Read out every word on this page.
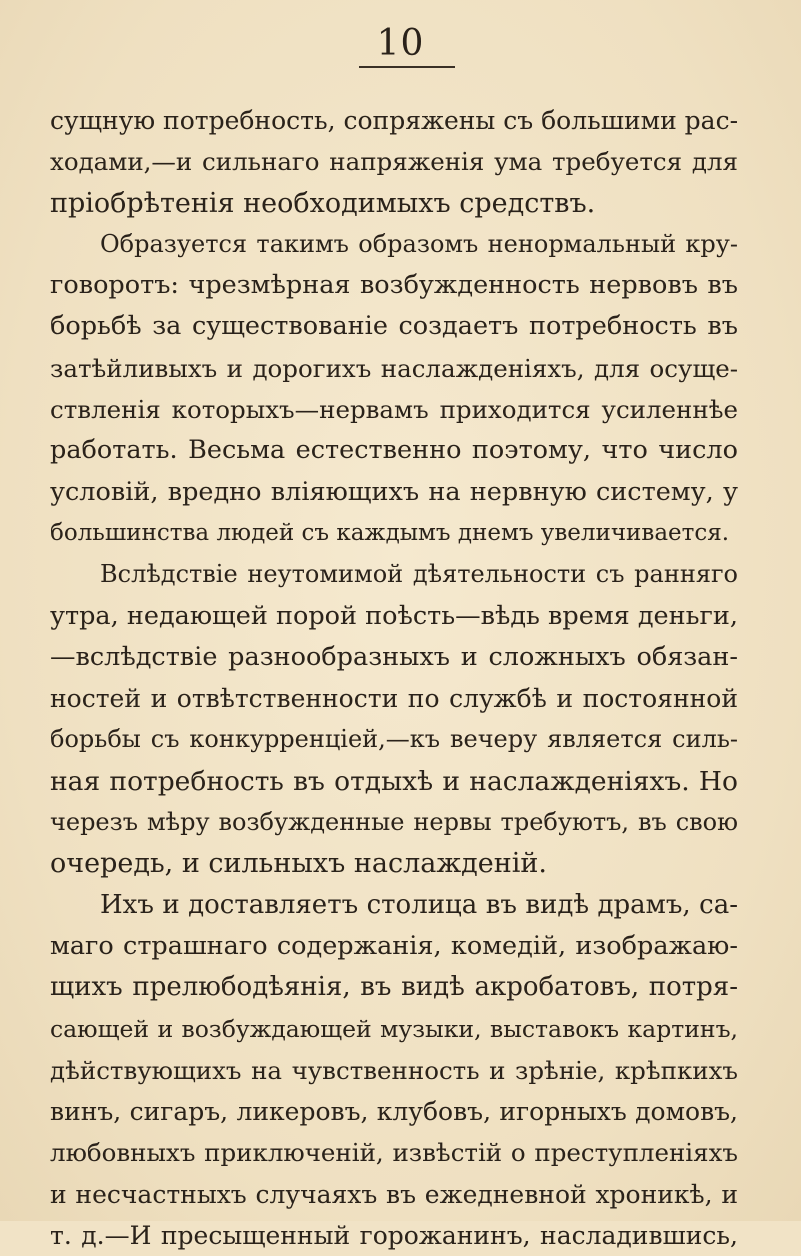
10
сущную потребность, сопряжены съ большими рас-
ходами,—и сильнаго напряженія ума требуется для
пріобрѣтенія необходимыхъ средствъ.
Образуется такимъ образомъ ненормальный кру-
говоротъ: чрезмѣрная возбужденность нервовъ въ
борьбѣ за существованіе создаетъ потребность въ
затѣйливыхъ и дорогихъ наслажденіяхъ, для осуще-
ствленія которыхъ—нервамъ приходится усиленнѣе
работать. Весьма естественно поэтому, что число
условій, вредно вліяющихъ на нервную систему, у
большинства людей съ каждымъ днемъ увеличивается.
Вслѣдствіе неутомимой дѣятельности съ ранняго
утра, недающей порой поѣсть—вѣдь время деньги,
—вслѣдствіе разнообразныхъ и сложныхъ обязан-
ностей и отвѣтственности по службѣ и постоянной
борьбы съ конкурренціей,—къ вечеру является силь-
ная потребность въ отдыхѣ и наслажденіяхъ. Но
черезъ мѣру возбужденные нервы требуютъ, въ свою
очередь, и сильныхъ наслажденій.
Ихъ и доставляетъ столица въ видѣ драмъ, са-
маго страшнаго содержанія, комедій, изображаю-
щихъ прелюбодѣянія, въ видѣ акробатовъ, потря-
сающей и возбуждающей музыки, выставокъ картинъ,
дѣйствующихъ на чувственность и зрѣніе, крѣпкихъ
винъ, сигаръ, ликеровъ, клубовъ, игорныхъ домовъ,
любовныхъ приключеній, извѣстій о преступленіяхъ
и несчастныхъ случаяхъ въ ежедневной хроникѣ, и
т. д.—И пресыщенный горожанинъ, насладившись,
